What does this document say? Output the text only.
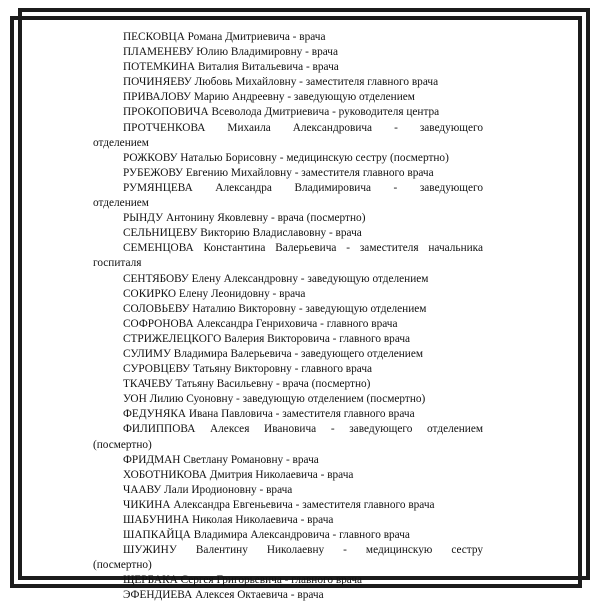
ПЕСКОВЦА Романа Дмитриевича - врача
ПЛАМЕНЕВУ Юлию Владимировну - врача
ПОТЕМКИНА Виталия Витальевича - врача
ПОЧИНЯЕВУ Любовь Михайловну - заместителя главного врача
ПРИВАЛОВУ Марию Андреевну - заведующую отделением
ПРОКОПОВИЧА Всеволода Дмитриевича - руководителя центра
ПРОТЧЕНКОВА Михаила Александровича - заведующего
отделением
РОЖКОВУ Наталью Борисовну - медицинскую сестру (посмертно)
РУБЕЖОВУ Евгению Михайловну - заместителя главного врача
РУМЯНЦЕВА Александра Владимировича - заведующего
отделением
РЫНДУ Антонину Яковлевну - врача (посмертно)
СЕЛЬНИЦЕВУ Викторию Владиславовну - врача
СЕМЕНЦОВА Константина Валерьевича - заместителя начальника
госпиталя
СЕНТЯБОВУ Елену Александровну - заведующую отделением
СОКИРКО Елену Леонидовну - врача
СОЛОВЬЕВУ Наталию Викторовну - заведующую отделением
СОФРОНОВА Александра Генриховича - главного врача
СТРИЖЕЛЕЦКОГО Валерия Викторовича - главного врача
СУЛИМУ Владимира Валерьевича - заведующего отделением
СУРОВЦЕВУ Татьяну Викторовну - главного врача
ТКАЧЕВУ Татьяну Васильевну - врача (посмертно)
УОН Лилию Суоновну - заведующую отделением (посмертно)
ФЕДУНЯКА Ивана Павловича - заместителя главного врача
ФИЛИППОВА Алексея Ивановича - заведующего отделением
(посмертно)
ФРИДМАН Светлану Романовну - врача
ХОБОТНИКОВА Дмитрия Николаевича - врача
ЧААВУ Лали Иродионовну - врача
ЧИКИНА Александра Евгеньевича - заместителя главного врача
ШАБУНИНА Николая Николаевича - врача
ШАПКАЙЦА Владимира Александровича - главного врача
ШУЖИНУ Валентину Николаевну - медицинскую сестру
(посмертно)
ЩЕРБАКА Сергея Григорьевича - главного врача
ЭФЕНДИЕВА Алексея Октаевича - врача
